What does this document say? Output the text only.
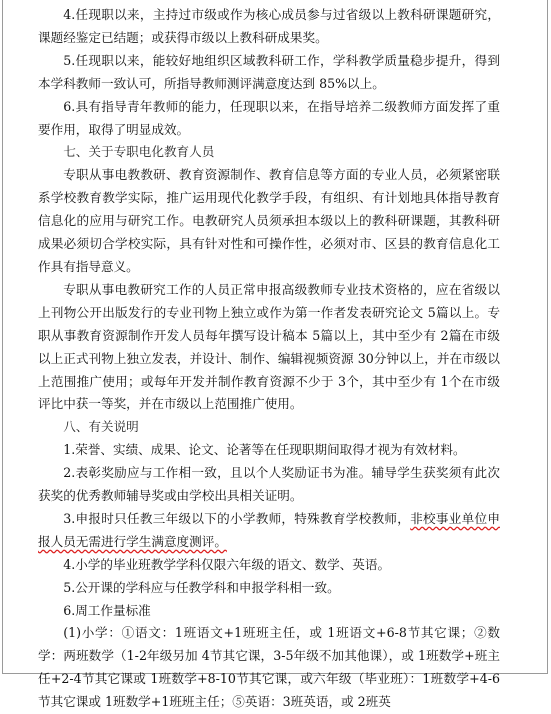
4.任现职以来，主持过市级或作为核心成员参与过省级以上教科研课题研究，课题经鉴定已结题；或获得市级以上教科研成果奖。

5.任现职以来，能较好地组织区域教科研工作，学科教学质量稳步提升，得到本学科教师一致认可，所指导教师测评满意度达到 85%以上。

6.具有指导青年教师的能力，任现职以来，在指导培养二级教师方面发挥了重要作用，取得了明显成效。

七、关于专职电化教育人员

专职从事电教教研、教育资源制作、教育信息等方面的专业人员，必须紧密联系学校教育教学实际，推广运用现代化教学手段，有组织、有计划地具体指导教育信息化的应用与研究工作。电教研究人员须承担本级以上的教科研课题，其教科研成果必须切合学校实际，具有针对性和可操作性，必须对市、区县的教育信息化工作具有指导意义。

专职从事电教研究工作的人员正常申报高级教师专业技术资格的，应在省级以上刊物公开出版发行的专业刊物上独立或作为第一作者发表研究论文 5篇以上。专职从事教育资源制作开发人员每年撰写设计稿本 5篇以上，其中至少有 2篇在市级以上正式刊物上独立发表，并设计、制作、编辑视频资源 30分钟以上，并在市级以上范围推广使用；或每年开发并制作教育资源不少于 3个，其中至少有 1个在市级评比中获一等奖，并在市级以上范围推广使用。

八、有关说明

1.荣誉、实绩、成果、论文、论著等在任现职期间取得才视为有效材料。

2.表彰奖励应与工作相一致，且以个人奖励证书为准。辅导学生获奖须有此次获奖的优秀教师辅导奖或由学校出具相关证明。

3.申报时只任教三年级以下的小学教师，特殊教育学校教师，非校事业单位申报人员无需进行学生满意度测评。

4.小学的毕业班教学学科仅限六年级的语文、数学、英语。

5.公开课的学科应与任教学科和申报学科相一致。

6.周工作量标准

(1)小学：①语文：1班语文+1班班主任，或 1班语文+6-8节其它课；②数学：两班数学（1-2年级另加 4节其它课，3-5年级不加其他课），或 1班数学+班主任+2-4节其它课或 1班数学+8-10节其它课，或六年级（毕业班）：1班数学+4-6节其它课或 1班数学+1班班主任；⑤英语：3班英语，或 2班英
